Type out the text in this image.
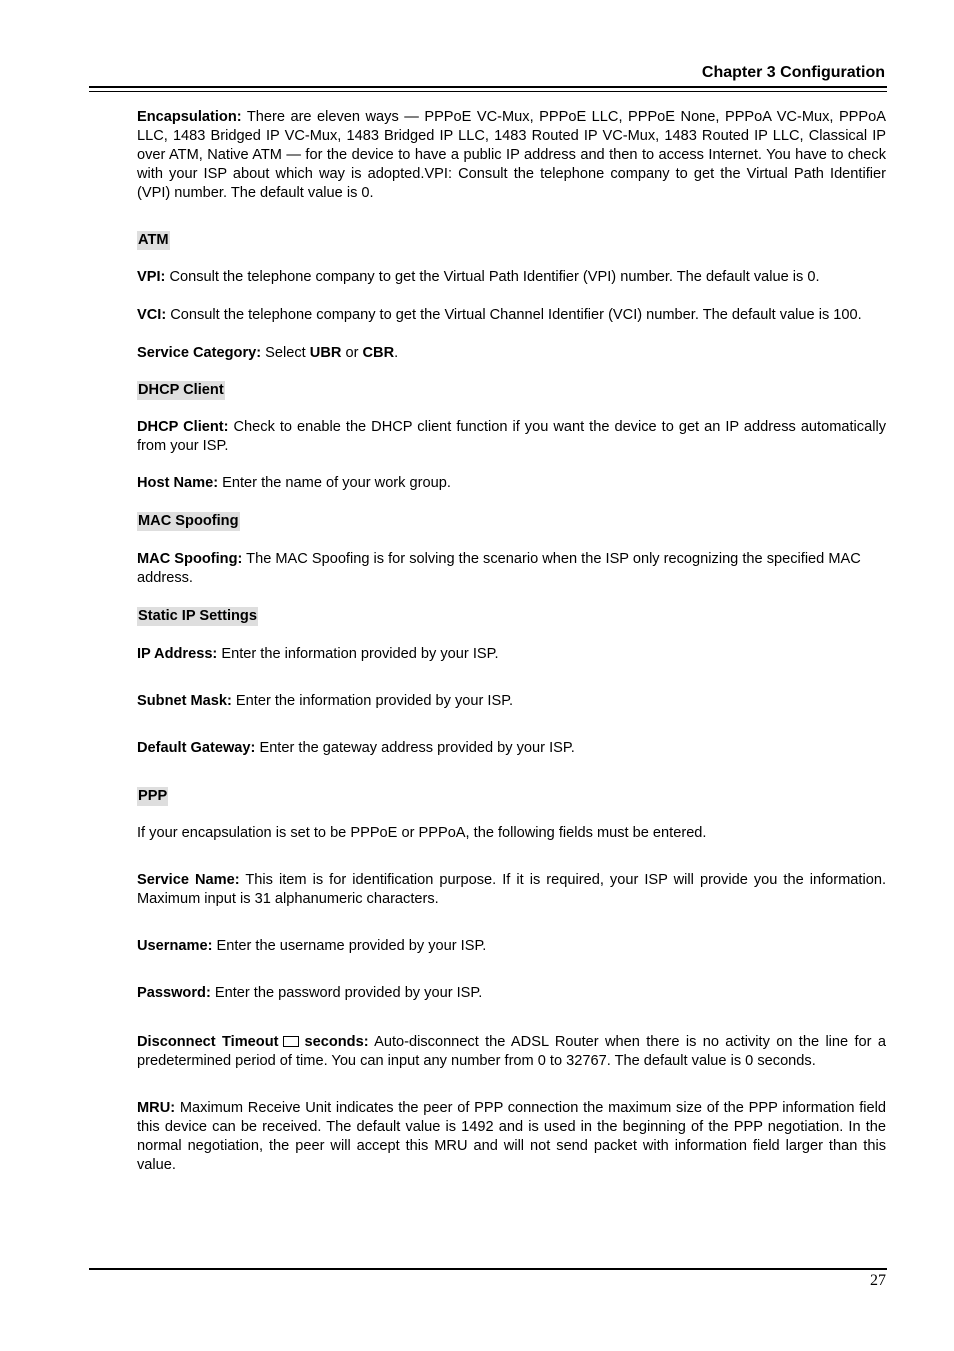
Chapter 3 Configuration

Encapsulation: There are eleven ways — PPPoE VC-Mux, PPPoE LLC, PPPoE None, PPPoA VC-Mux, PPPoA LLC, 1483 Bridged IP VC-Mux, 1483 Bridged IP LLC, 1483 Routed IP VC-Mux, 1483 Routed IP LLC, Classical IP over ATM, Native ATM — for the device to have a public IP address and then to access Internet. You have to check with your ISP about which way is adopted.VPI: Consult the telephone company to get the Virtual Path Identifier (VPI) number. The default value is 0.

ATM

VPI: Consult the telephone company to get the Virtual Path Identifier (VPI) number. The default value is 0.

VCI: Consult the telephone company to get the Virtual Channel Identifier (VCI) number. The default value is 100.

Service Category: Select UBR or CBR.

DHCP Client

DHCP Client: Check to enable the DHCP client function if you want the device to get an IP address automatically from your ISP.

Host Name: Enter the name of your work group.

MAC Spoofing

MAC Spoofing: The MAC Spoofing is for solving the scenario when the ISP only recognizing the specified MAC address.

Static IP Settings

IP Address: Enter the information provided by your ISP.

Subnet Mask: Enter the information provided by your ISP.

Default Gateway: Enter the gateway address provided by your ISP.

PPP

If your encapsulation is set to be PPPoE or PPPoA, the following fields must be entered.

Service Name: This item is for identification purpose. If it is required, your ISP will provide you the information. Maximum input is 31 alphanumeric characters.

Username: Enter the username provided by your ISP.

Password: Enter the password provided by your ISP.

Disconnect Timeout seconds: Auto-disconnect the ADSL Router when there is no activity on the line for a predetermined period of time. You can input any number from 0 to 32767. The default value is 0 seconds.

MRU: Maximum Receive Unit indicates the peer of PPP connection the maximum size of the PPP information field this device can be received. The default value is 1492 and is used in the beginning of the PPP negotiation. In the normal negotiation, the peer will accept this MRU and will not send packet with information field larger than this value.

27
